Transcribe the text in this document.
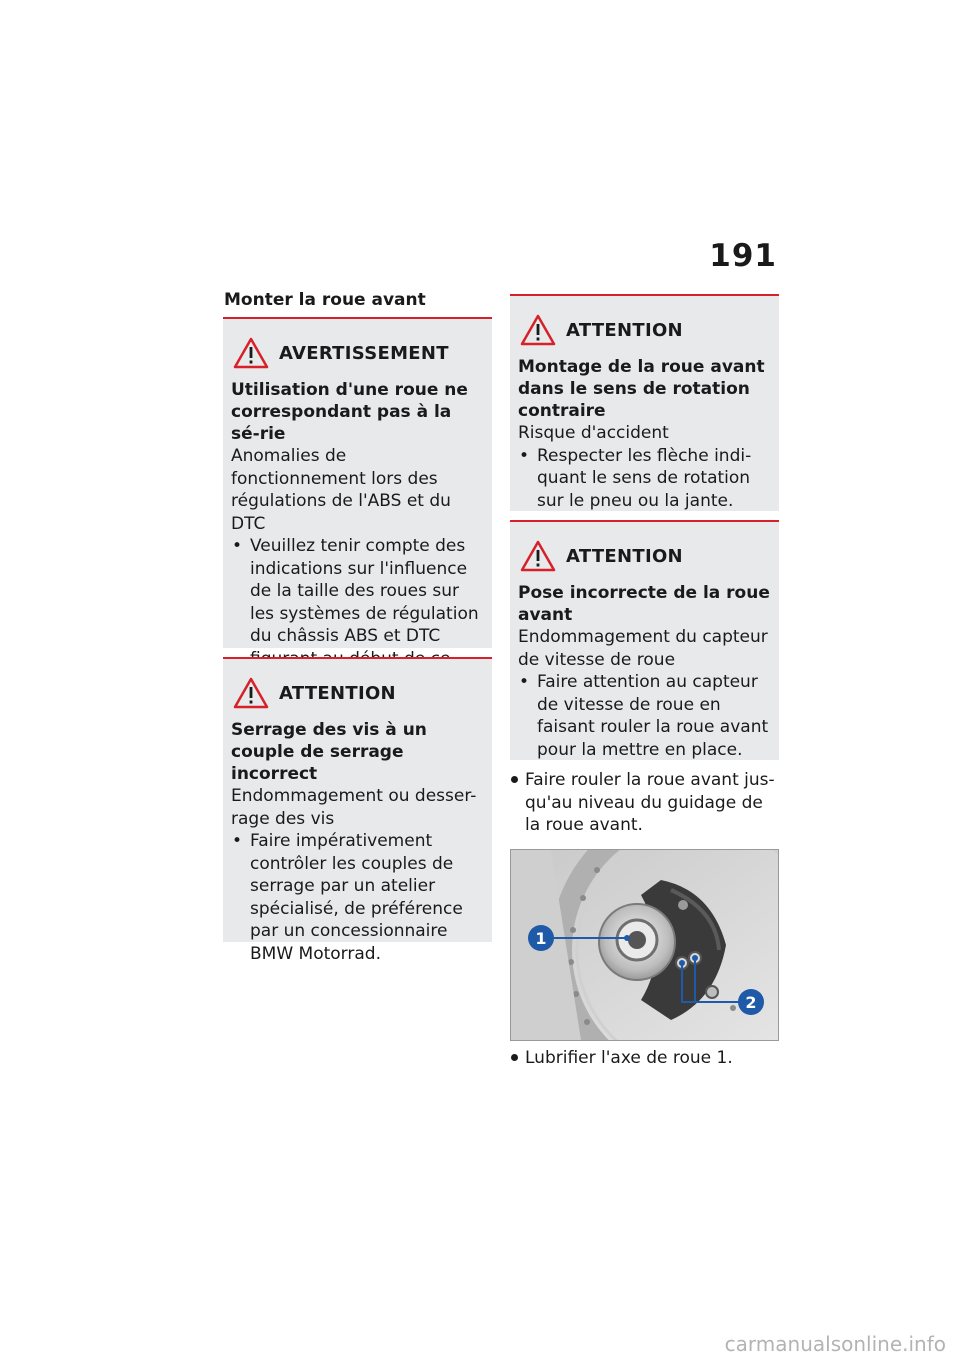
191
Monter la roue avant
AVERTISSEMENT
Utilisation d'une roue ne correspondant pas à la sé-rie
Anomalies de fonctionnement lors des régulations de l'ABS et du DTC
• Veuillez tenir compte des indications sur l'influence de la taille des roues sur les systèmes de régulation du châssis ABS et DTC
ATTENTION
Serrage des vis à un couple de serrage incorrect
Endommagement ou desser-rage des vis
• Faire impérativement contrôler les couples de serrage par un atelier spécialisé, de préférence par un concessionnaire BMW Motorrad.
ATTENTION
Montage de la roue avant dans le sens de rotation contraire
Risque d'accident
• Respecter les flèche indi-quant le sens de rotation sur le pneu ou la jante.
ATTENTION
Pose incorrecte de la roue avant
Endommagement du capteur de vitesse de roue
• Faire attention au capteur de vitesse de roue en faisant rouler la roue avant pour la mettre en place.
Faire rouler la roue avant jus-qu'au niveau du guidage de la roue avant.
1
2
Lubrifier l'axe de roue 1.
carmanualsonline.info
